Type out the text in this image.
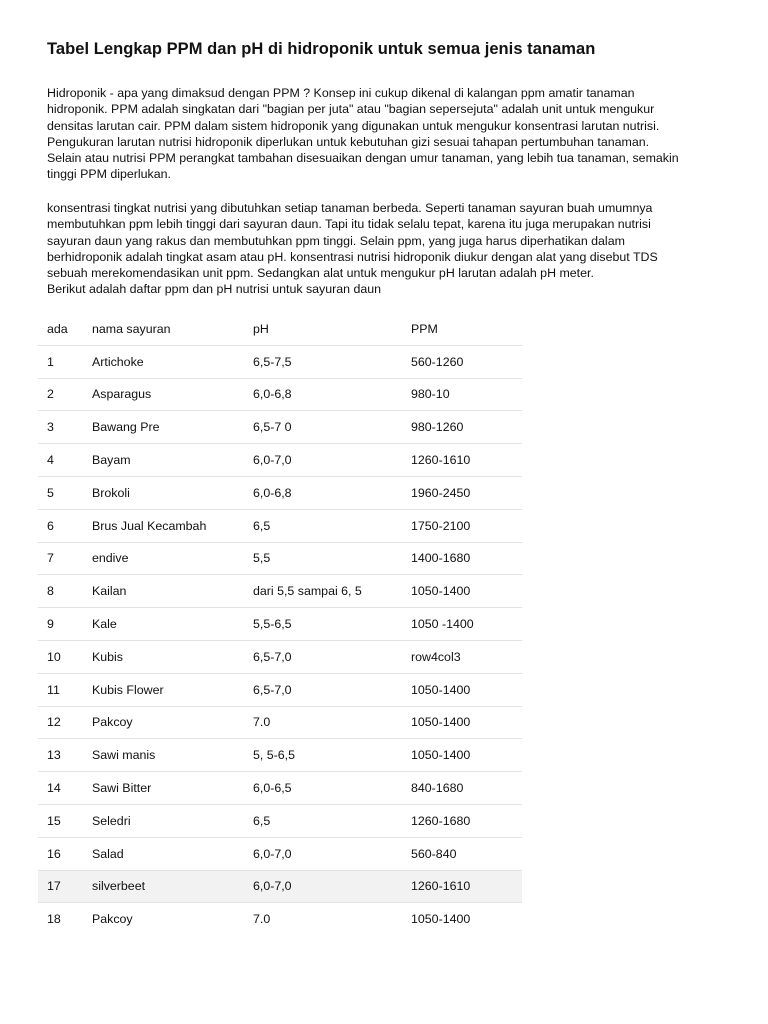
Tabel Lengkap PPM dan pH di hidroponik untuk semua jenis tanaman
Hidroponik - apa yang dimaksud dengan PPM ? Konsep ini cukup dikenal di kalangan ppm amatir tanaman
hidroponik. PPM adalah singkatan dari "bagian per juta" atau "bagian sepersejuta" adalah unit untuk mengukur
densitas larutan cair. PPM dalam sistem hidroponik yang digunakan untuk mengukur konsentrasi larutan nutrisi.
Pengukuran larutan nutrisi hidroponik diperlukan untuk kebutuhan gizi sesuai tahapan pertumbuhan tanaman.
Selain atau nutrisi PPM perangkat tambahan disesuaikan dengan umur tanaman, yang lebih tua tanaman, semakin
tinggi PPM diperlukan.
konsentrasi tingkat nutrisi yang dibutuhkan setiap tanaman berbeda. Seperti tanaman sayuran buah umumnya
membutuhkan ppm lebih tinggi dari sayuran daun. Tapi itu tidak selalu tepat, karena itu juga merupakan nutrisi
sayuran daun yang rakus dan membutuhkan ppm tinggi. Selain ppm, yang juga harus diperhatikan dalam
berhidroponik adalah tingkat asam atau pH. konsentrasi nutrisi hidroponik diukur dengan alat yang disebut TDS
sebuah merekomendasikan unit ppm. Sedangkan alat untuk mengukur pH larutan adalah pH meter.
Berikut adalah daftar ppm dan pH nutrisi untuk sayuran daun
ada	nama sayuran	pH	PPM
1	Artichoke	6,5-7,5	560-1260
2	Asparagus	6,0-6,8	980-10
3	Bawang Pre	6,5-7 0	980-1260
4	Bayam	6,0-7,0	1260-1610
5	Brokoli	6,0-6,8	1960-2450
6	Brus Jual Kecambah	6,5	1750-2100
7	endive	5,5	1400-1680
8	Kailan	dari 5,5 sampai 6, 5	1050-1400
9	Kale	5,5-6,5	1050 -1400
10	Kubis	6,5-7,0	row4col3
11	Kubis Flower	6,5-7,0	1050-1400
12	Pakcoy	7.0	1050-1400
13	Sawi manis	5, 5-6,5	1050-1400
14	Sawi Bitter	6,0-6,5	840-1680
15	Seledri	6,5	1260-1680
16	Salad	6,0-7,0	560-840
17	silverbeet	6,0-7,0	1260-1610
18	Pakcoy	7.0	1050-1400
